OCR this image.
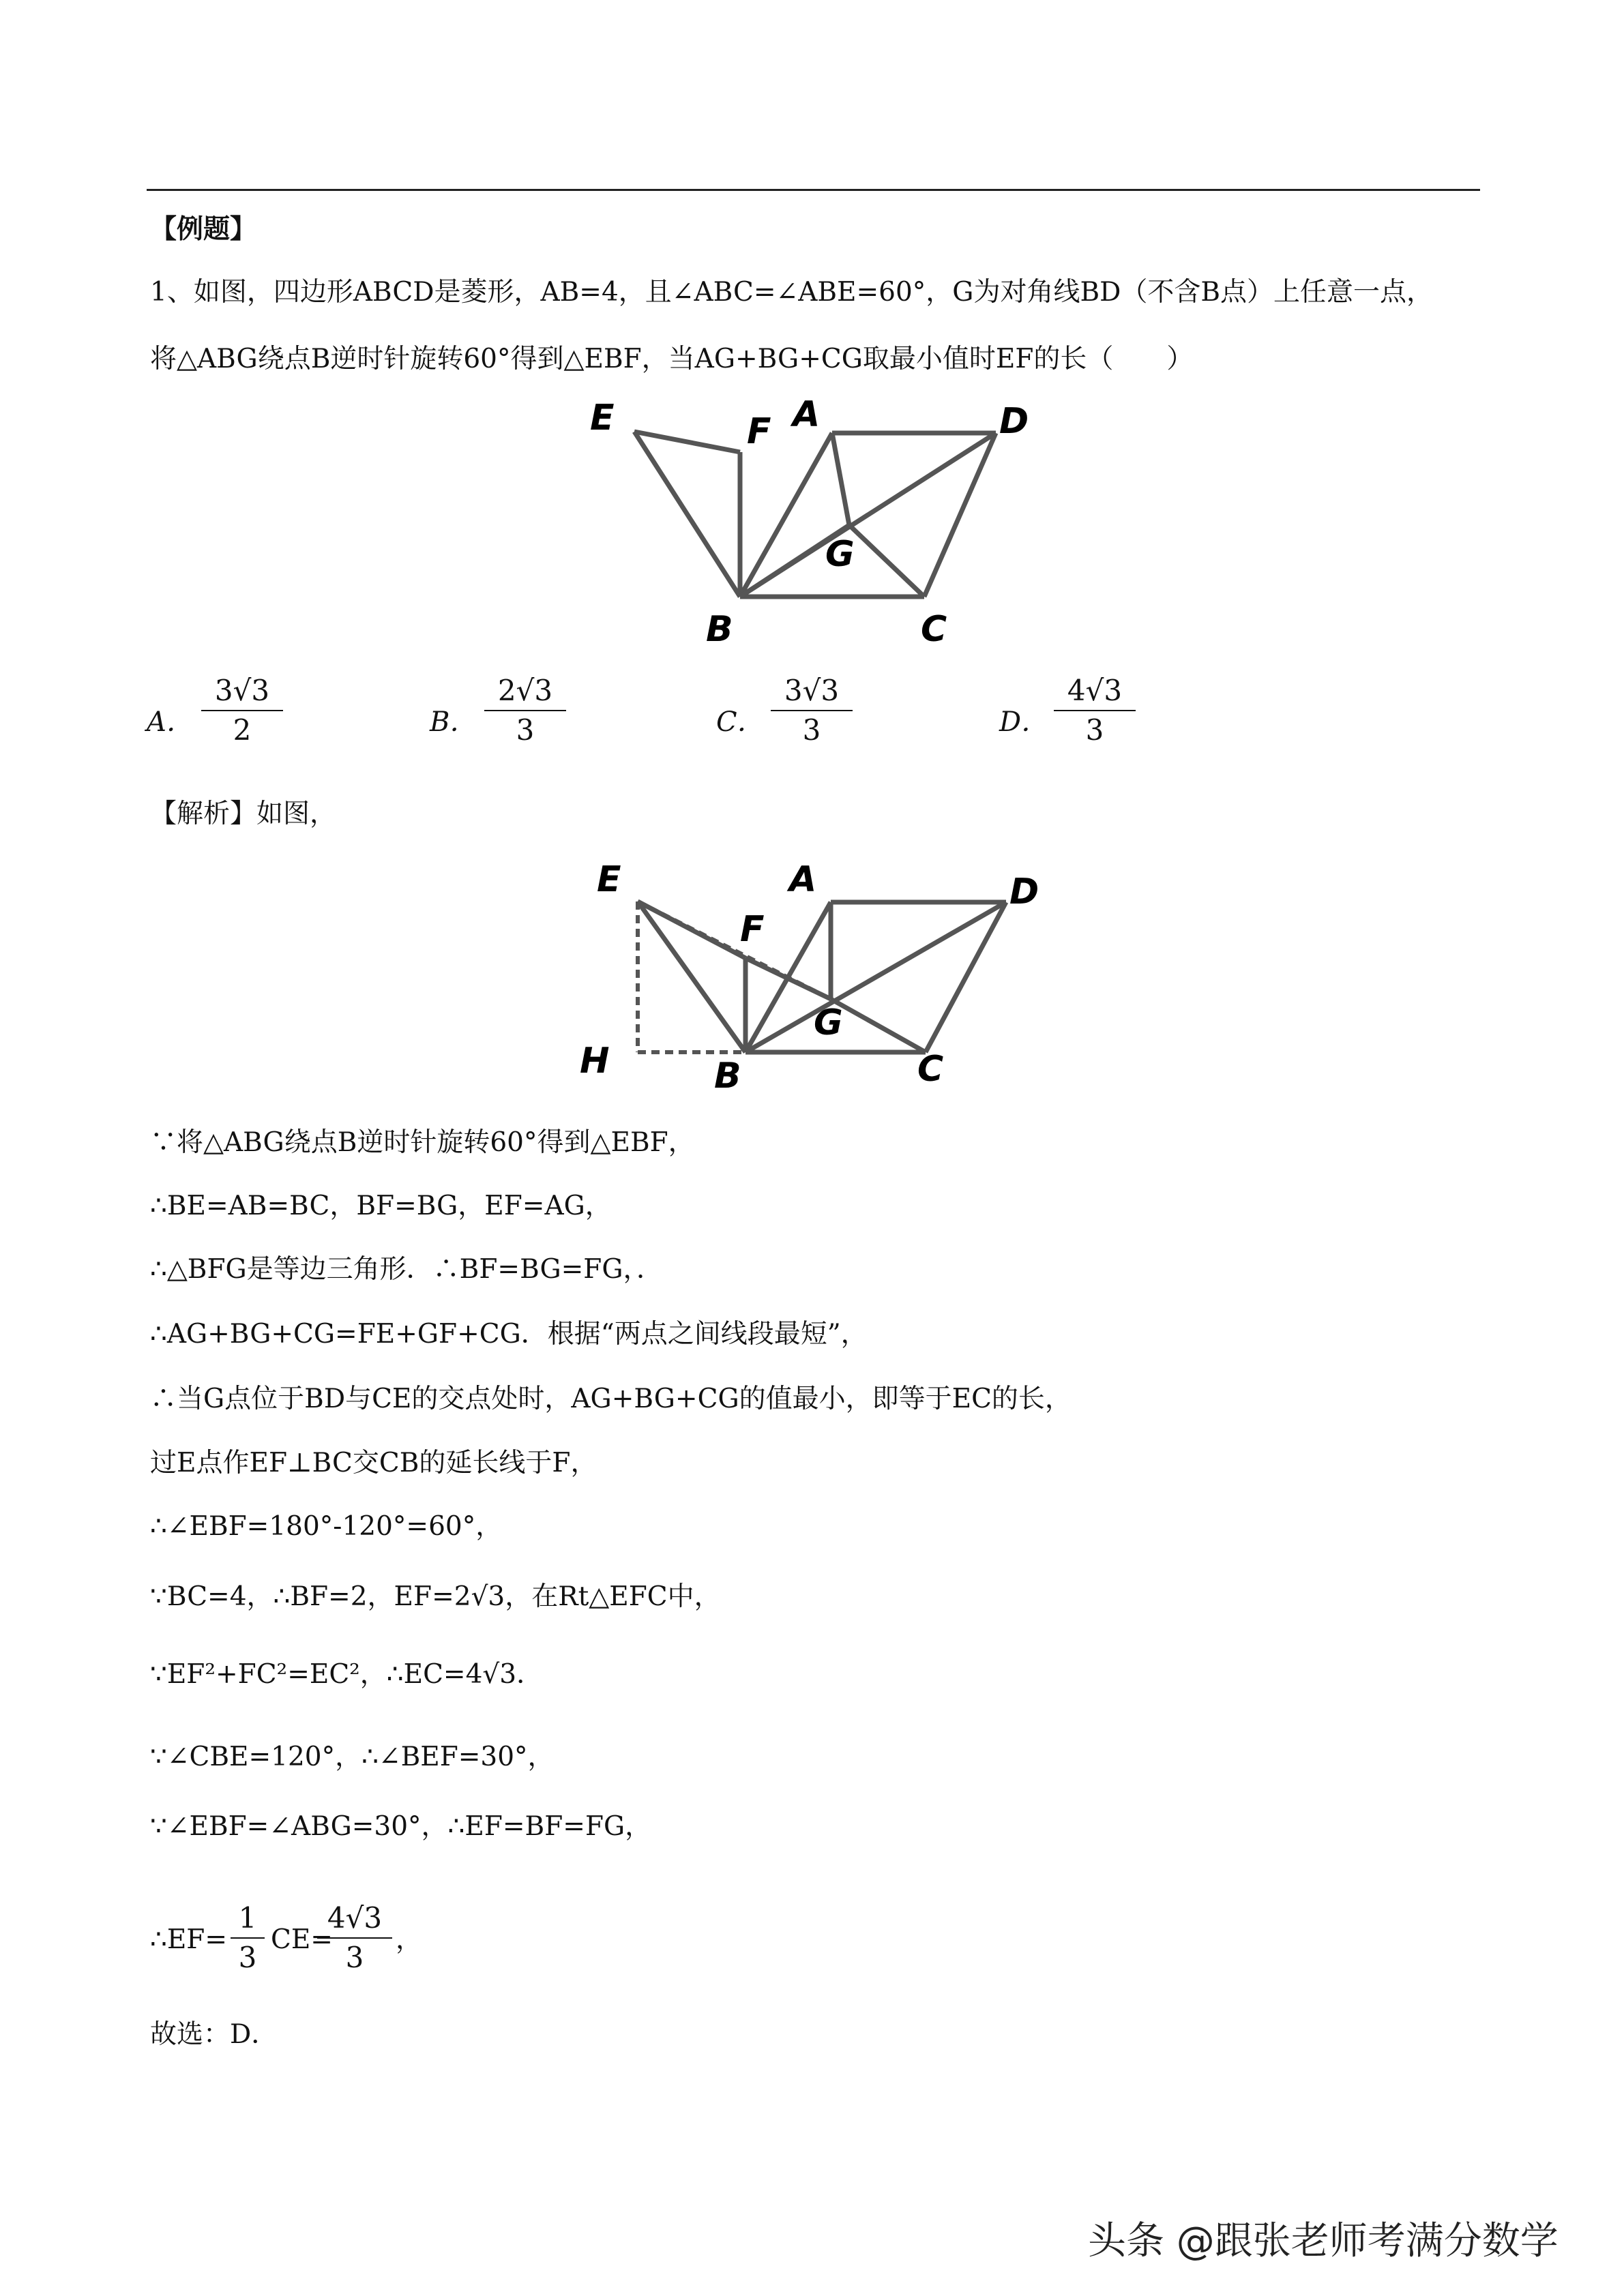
【例题】
1、如图，四边形ABCD是菱形，AB=4，且∠ABC=∠ABE=60°，G为对角线BD（不含B点）上任意一点，
将△ABG绕点B逆时针旋转60°得到△EBF，当AG+BG+CG取最小值时EF的长（　　）
E	F A	D
G
B	C
A． $\frac{3√3}{2}$	B． $\frac{2√3}{3}$	C． $\frac{3√3}{3}$	D． $\frac{4√3}{3}$
【解析】如图，
E
F
A	D
G
H	B	C
∵将△ABG绕点B逆时针旋转60°得到△EBF，
∴BE=AB=BC，BF=BG，EF=AG，
∴△BFG是等边三角形．∴BF=BG=FG，．
∴AG+BG+CG=FE+GF+CG．根据“两点之间线段最短”，
∴当G点位于BD与CE的交点处时，AG+BG+CG的值最小，即等于EC的长，
过E点作EF⊥BC交CB的延长线于F，
∴∠EBF=180°-120°=60°，
∵BC=4，∴BF=2，EF=2√3，在Rt△EFC中，
∵EF²+FC²=EC²，∴EC=4√3．
∵∠CBE=120°，∴∠BEF=30°，
∵∠EBF=∠ABG=30°，∴EF=BF=FG，
∴EF= $\frac{1}{3} CE=$
$\frac{4√3}{3}$ ，
故选：D．
头条 @跟张老师考满分数学
